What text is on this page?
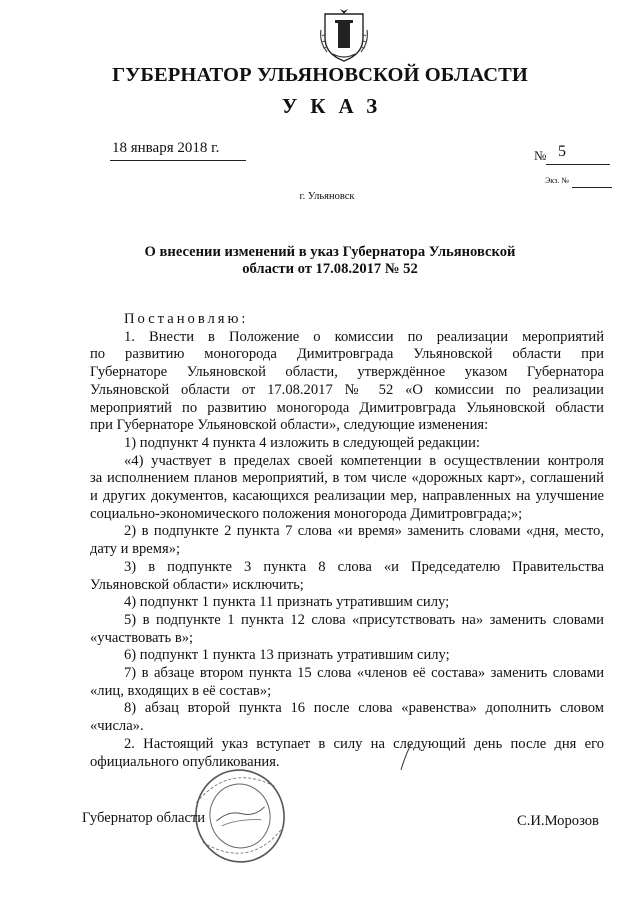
ГУБЕРНАТОР УЛЬЯНОВСКОЙ ОБЛАСТИ
УКАЗ
18 января 2018 г.	№ 5
Экз. №
г. Ульяновск
О внесении изменений в указ Губернатора Ульяновской
области от 17.08.2017 № 52
Постановляю:
1. Внести в Положение о комиссии по реализации мероприятий
по развитию моногорода Димитровграда Ульяновской области при
Губернаторе Ульяновской области, утверждённое указом Губернатора
Ульяновской области от 17.08.2017 № 52 «О комиссии по реализации
мероприятий по развитию моногорода Димитровграда Ульяновской области
при Губернаторе Ульяновской области», следующие изменения:
1) подпункт 4 пункта 4 изложить в следующей редакции:
«4) участвует в пределах своей компетенции в осуществлении контроля
за исполнением планов мероприятий, в том числе «дорожных карт», соглашений
и других документов, касающихся реализации мер, направленных на улучшение
социально-экономического положения моногорода Димитровграда;»;
2) в подпункте 2 пункта 7 слова «и время» заменить словами «дня, место,
дату и время»;
3) в подпункте 3 пункта 8 слова «и Председателю Правительства
Ульяновской области» исключить;
4) подпункт 1 пункта 11 признать утратившим силу;
5) в подпункте 1 пункта 12 слова «присутствовать на» заменить словами
«участвовать в»;
6) подпункт 1 пункта 13 признать утратившим силу;
7) в абзаце втором пункта 15 слова «членов её состава» заменить словами
«лиц, входящих в её состав»;
8) абзац второй пункта 16 после слова «равенства» дополнить словом
«числа».
2. Настоящий указ вступает в силу на следующий день после дня его
официального опубликования.
Губернатор области	С.И.Морозов
